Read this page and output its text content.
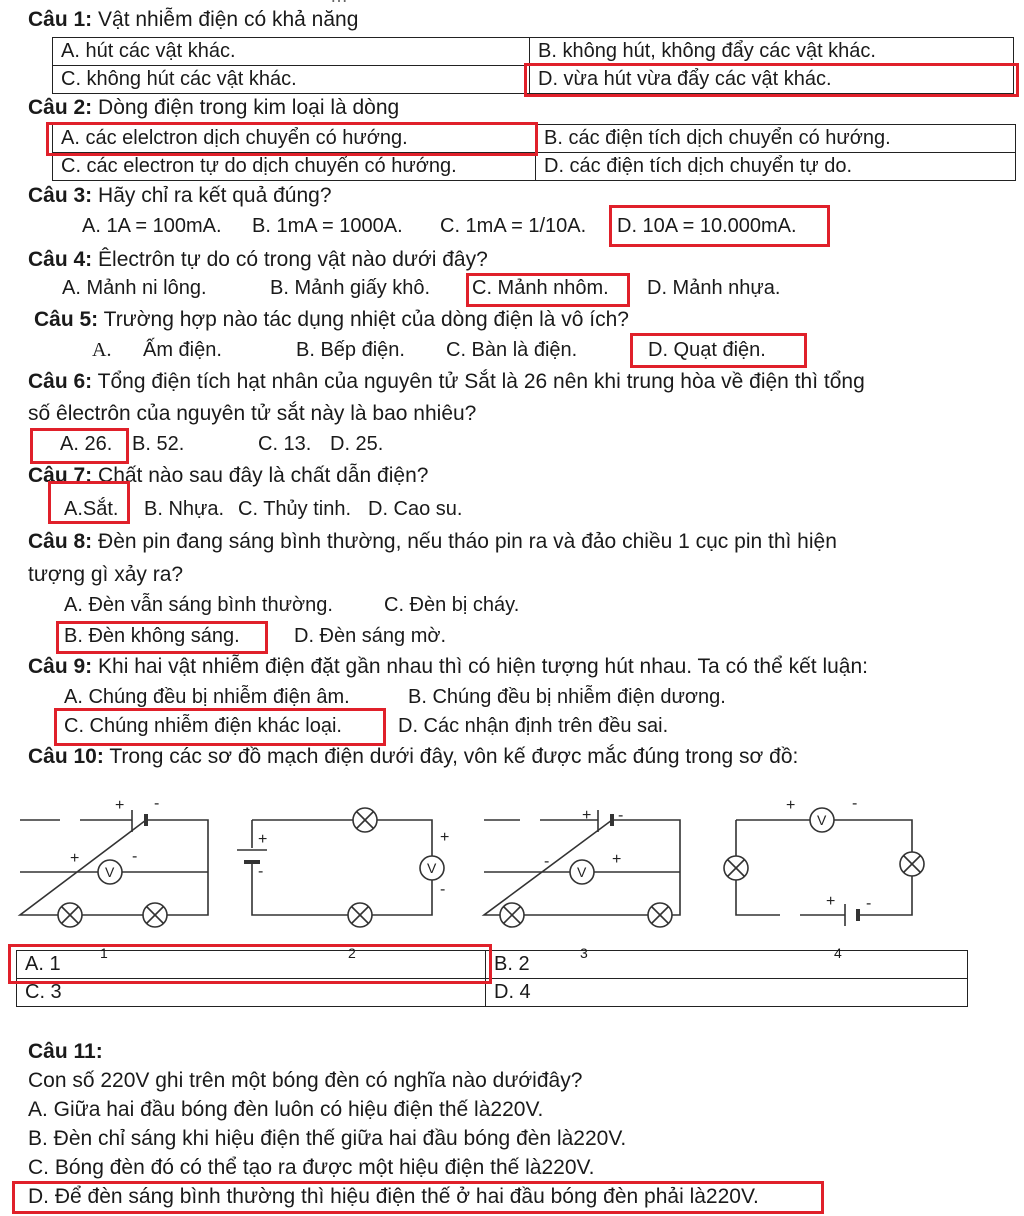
Câu 1: Vật nhiễm điện có khả năng
A. hút các vật khác.	B. không hút, không đẩy các vật khác.
C. không hút các vật khác.	D. vừa hút vừa đẩy các vật khác.
Câu 2: Dòng điện trong kim loại là dòng
A. các elelctron dịch chuyển có hướng.	B. các điện tích dịch chuyển có hướng.
C. các electron tự do dịch chuyển có hướng.	D. các điện tích dịch chuyển tự do.
Câu 3: Hãy chỉ ra kết quả đúng?
A. 1A = 100mA. B. 1mA = 1000A. C. 1mA = 1/10A. D. 10A = 10.000mA.
Câu 4: Êlectrôn tự do có trong vật nào dưới đây?
A. Mảnh ni lông.	B. Mảnh giấy khô. C. Mảnh nhôm. D. Mảnh nhựa.
Câu 5: Trường hợp nào tác dụng nhiệt của dòng điện là vô ích?
A. Ấm điện.	B. Bếp điện. C. Bàn là điện.	D. Quạt điện.
Câu 6: Tổng điện tích hạt nhân của nguyên tử Sắt là 26 nên khi trung hòa về điện thì tổng
số êlectrôn của nguyên tử sắt này là bao nhiêu?
A. 26. B. 52.	C. 13. D. 25.
Câu 7: Chất nào sau đây là chất dẫn điện?
A.Sắt. B. Nhựa. C. Thủy tinh. D. Cao su.
Câu 8: Đèn pin đang sáng bình thường, nếu tháo pin ra và đảo chiều 1 cục pin thì hiện
tượng gì xảy ra?
A. Đèn vẫn sáng bình thường.	C. Đèn bị cháy.
B. Đèn không sáng.	D. Đèn sáng mờ.
Câu 9: Khi hai vật nhiễm điện đặt gần nhau thì có hiện tượng hút nhau. Ta có thể kết luận:
A. Chúng đều bị nhiễm điện âm.	B. Chúng đều bị nhiễm điện dương.
C. Chúng nhiễm điện khác loại.	D. Các nhận định trên đều sai.
Câu 10: Trong các sơ đồ mạch điện dưới đây, vôn kế được mắc đúng trong sơ đồ:
V	V	V
V
+ -
+	-
+
-
+
-
+ -
-	+
+	-
+ -
A. 1	B. 2
C. 3	D. 4
1	2	3	4
Câu 11:
Con số 220V ghi trên một bóng đèn có nghĩa nào dướiđây?
A. Giữa hai đầu bóng đèn luôn có hiệu điện thế là220V.
B. Đèn chỉ sáng khi hiệu điện thế giữa hai đầu bóng đèn là220V.
C. Bóng đèn đó có thể tạo ra được một hiệu điện thế là220V.
D. Để đèn sáng bình thường thì hiệu điện thế ở hai đầu bóng đèn phải là220V.
